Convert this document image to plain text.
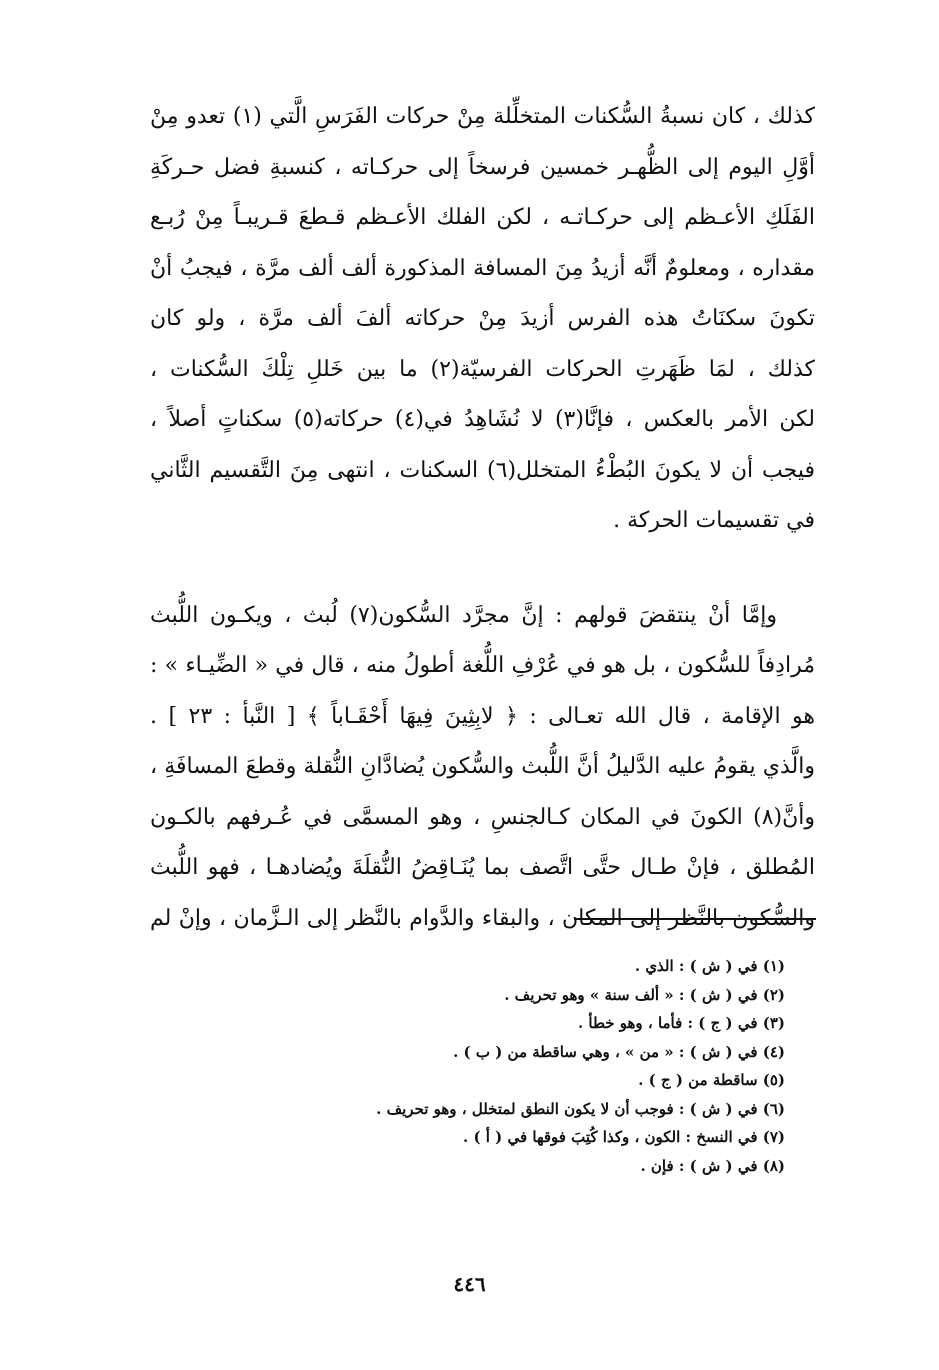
كذلك ، كان نسبةُ السُّكنات المتخلِّلة مِنْ حركات الفَرَسِ الَّتي (١) تعدو مِنْ
أوَّلِ اليوم إلى الظُّهـر خمسين فرسخاً إلى حركـاته ، كنسبةِ فضل حـركَةِ
الفَلَكِ الأعـظم إلى حركـاتـه ، لكن الفلك الأعـظم قـطعَ قـريبـاً مِنْ رُبـع
مقداره ، ومعلومٌ أنَّه أزيدُ مِنَ المسافة المذكورة ألف ألف مرَّة ، فيجبُ أنْ
تكونَ سكنَاتُ هذه الفرس أزيدَ مِنْ حركاته ألفَ ألف مرَّة ، ولو كان
كذلك ، لمَا ظَهَرتِ الحركات الفرسيّة(٢) ما بين خَللِ تِلْكَ السُّكنات ،
لكن الأمر بالعكس ، فإنَّا(٣) لا نُشَاهِدُ في(٤) حركاته(٥) سكناتٍ أصلاً ،
فيجب أن لا يكونَ البُطْءُ المتخلل(٦) السكنات ، انتهى مِنَ التَّقسيم الثَّاني
في تقسيمات الحركة .
وإمَّا أنْ ينتقضَ قولهم : إنَّ مجرَّد السُّكون(٧) لُبث ، ويكـون اللُّبث
مُرادِفاً للسُّكون ، بل هو في عُرْفِ اللُّغة أطولُ منه ، قال في « الضِّيـاء » :
هو الإقامة ، قال الله تعـالى : ﴿ لابِثِينَ فِيهَا أَحْقَـاباً ﴾ [ النَّبأ : ٢٣ ] .
والَّذي يقومُ عليه الدَّليلُ أنَّ اللُّبث والسُّكون يُضادَّانِ النُّقلة وقطعَ المسافَةِ ،
وأنَّ(٨) الكونَ في المكان كـالجنسِ ، وهو المسمَّى في عُـرفهم بالكـون
المُطلق ، فإنْ طـال حتَّى اتَّصف بما يُنَـاقِضُ النُّقلَةَ ويُضادهـا ، فهو اللُّبث
والسُّكون بالنَّظر إلى المكان ، والبقاء والدَّوام بالنَّظر إلى الـزَّمان ، وإنْ لم
(١) في ( ش ) : الذي .
(٢) في ( ش ) : « ألف سنة » وهو تحريف .
(٣) في ( ج ) : فأما ، وهو خطأ .
(٤) في ( ش ) : « من » ، وهي ساقطة من ( ب ) .
(٥) ساقطة من ( ج ) .
(٦) في ( ش ) : فوجب أن لا يكون النطق لمتخلل ، وهو تحريف .
(٧) في النسخ : الكون ، وكذا كُتِبَ فوقها في ( أ ) .
(٨) في ( ش ) : فإن .
٤٤٦
